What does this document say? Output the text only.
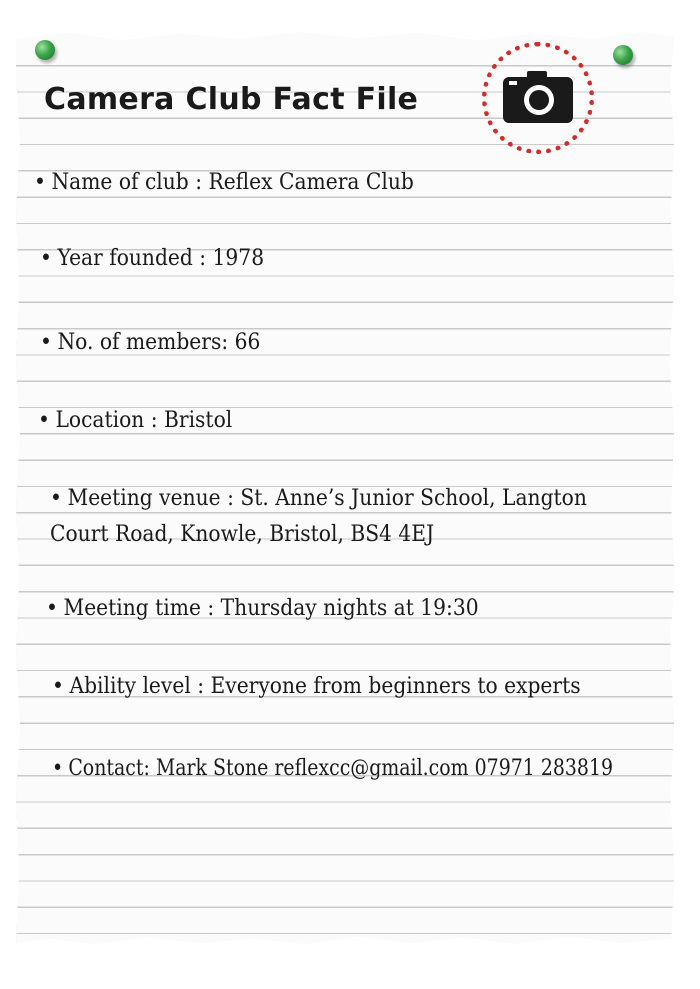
Camera Club Fact File
• Name of club : Reflex Camera Club
• Year founded : 1978
• No. of members: 66
• Location : Bristol
• Meeting venue : St. Anne’s Junior School, Langton
Court Road, Knowle, Bristol, BS4 4EJ
• Meeting time : Thursday nights at 19:30
• Ability level : Everyone from beginners to experts
• Contact: Mark Stone reflexcc@gmail.com 07971 283819
